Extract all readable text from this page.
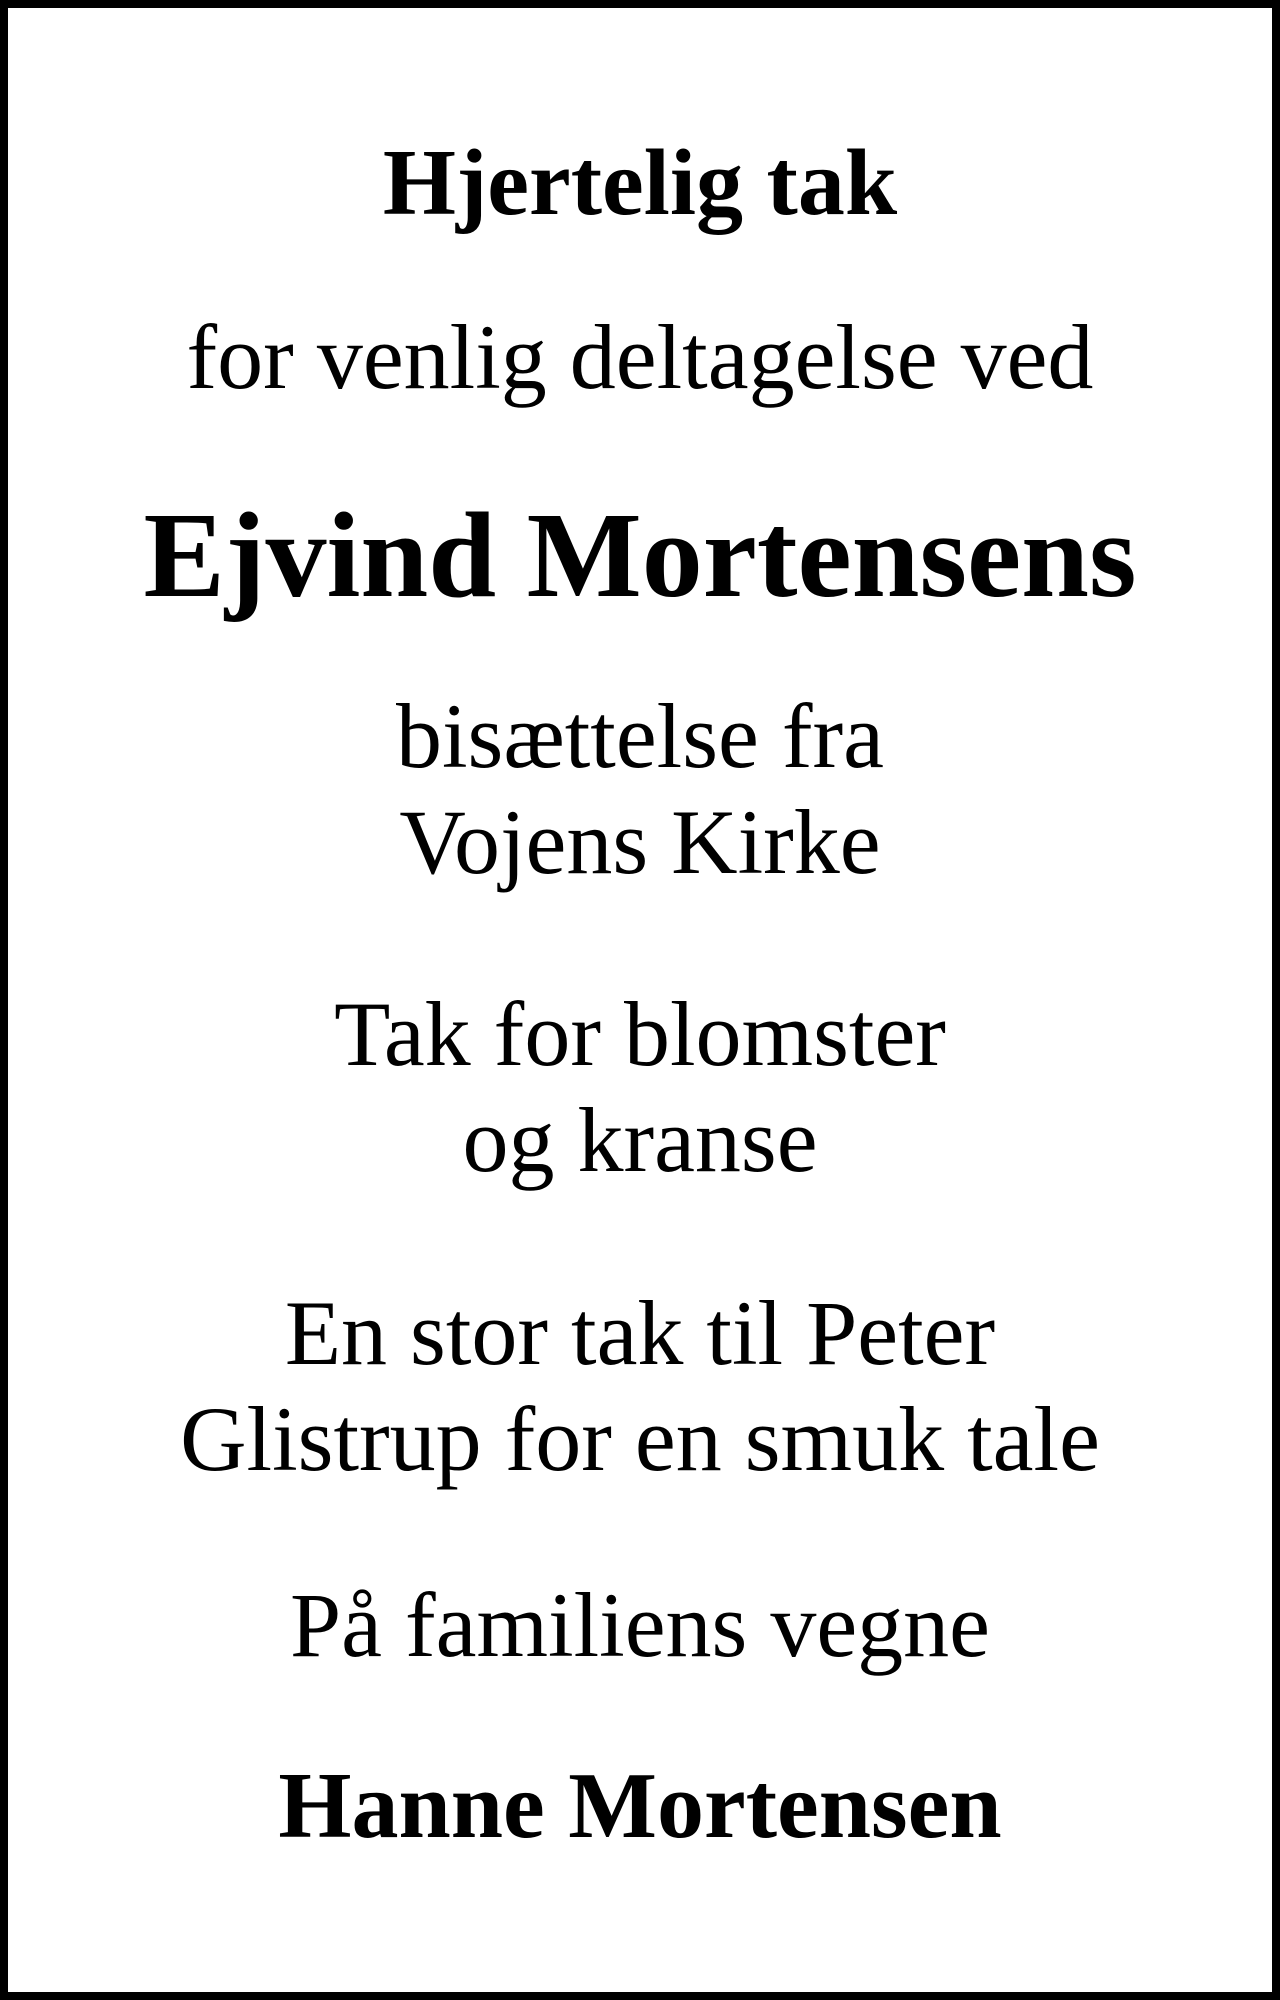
Hjertelig tak

for venlig deltagelse ved

Ejvind Mortensens

bisættelse fra
Vojens Kirke
Tak for blomster
og kranse
En stor tak til Peter
Glistrup for en smuk tale

På familiens vegne

Hanne Mortensen
